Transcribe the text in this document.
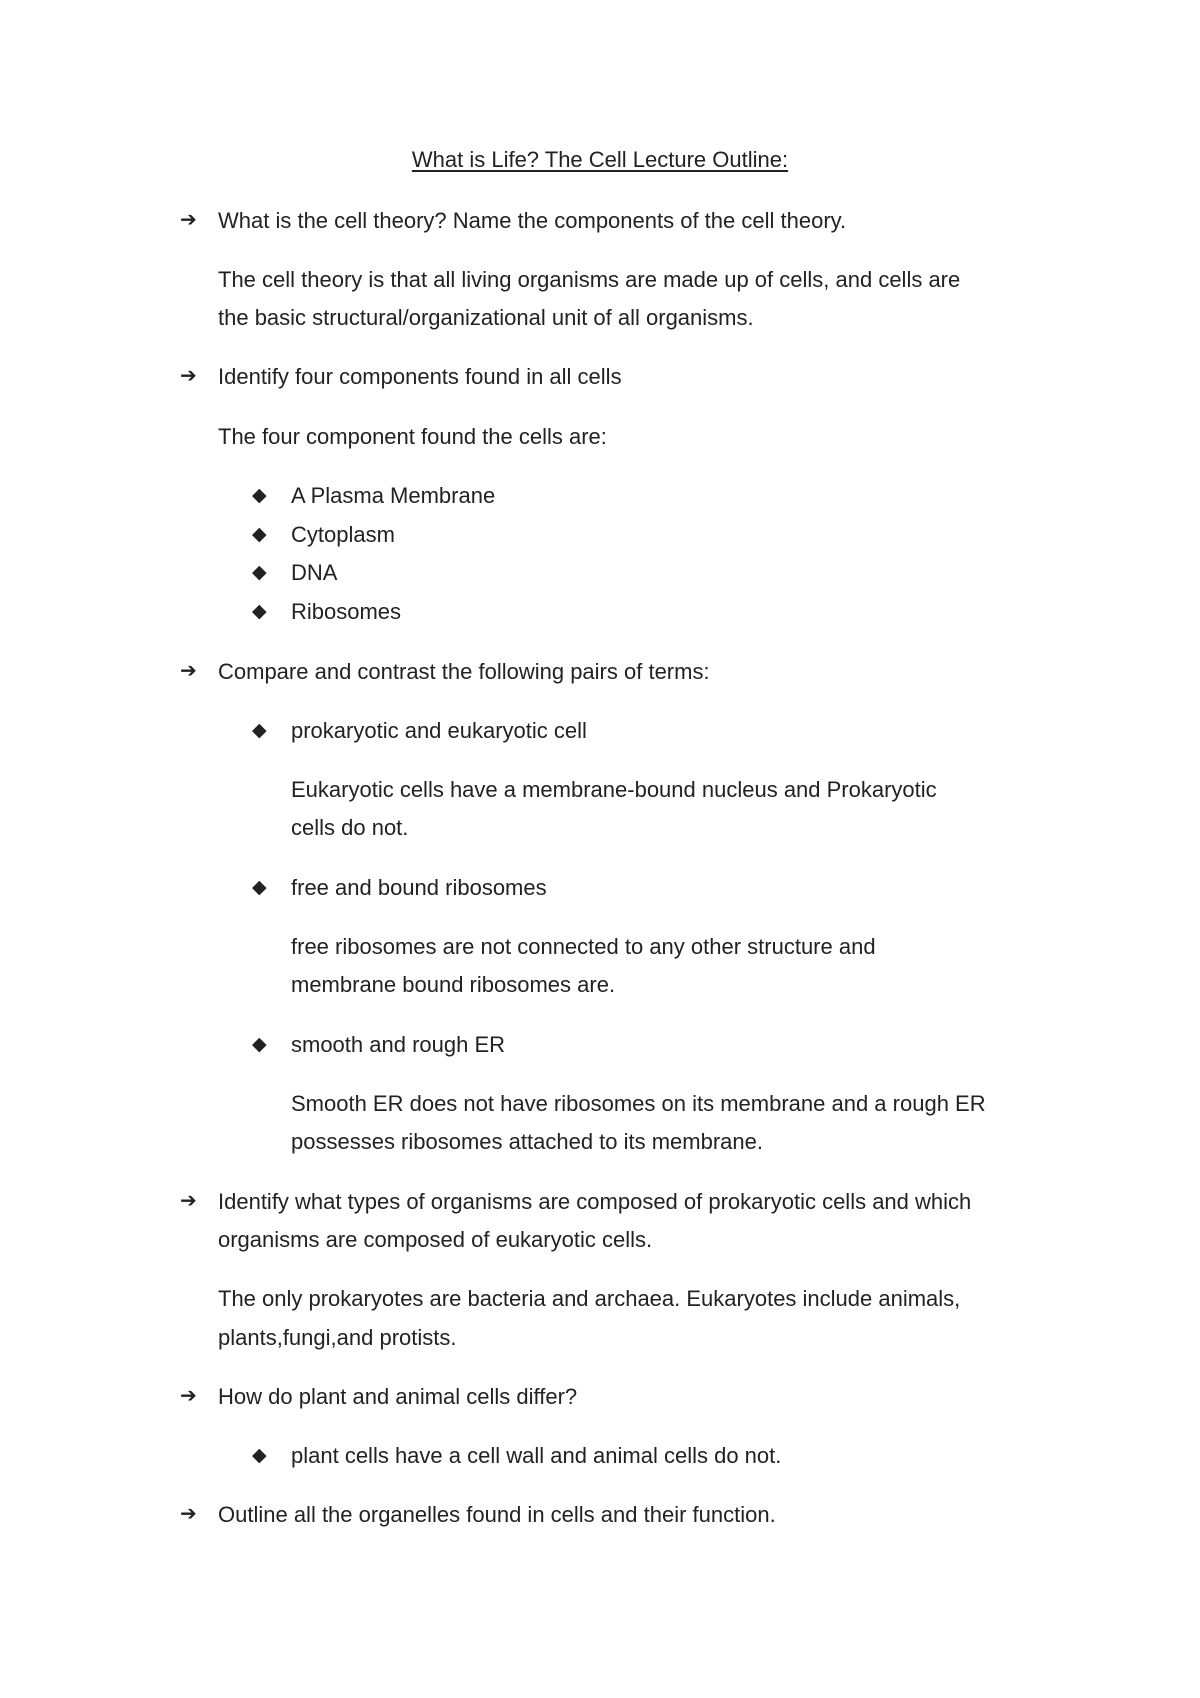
What is Life? The Cell Lecture Outline:
➔ What is the cell theory? Name the components of the cell theory.
The cell theory is that all living organisms are made up of cells, and cells are
the basic structural/organizational unit of all organisms.
➔ Identify four components found in all cells
The four component found the cells are:
◆ A Plasma Membrane
◆ Cytoplasm
◆ DNA
◆ Ribosomes
➔ Compare and contrast the following pairs of terms:
◆ prokaryotic and eukaryotic cell
Eukaryotic cells have a membrane-bound nucleus and Prokaryotic
cells do not.
◆ free and bound ribosomes
free ribosomes are not connected to any other structure and
membrane bound ribosomes are.
◆ smooth and rough ER
Smooth ER does not have ribosomes on its membrane and a rough ER
possesses ribosomes attached to its membrane.
➔ Identify what types of organisms are composed of prokaryotic cells and which
organisms are composed of eukaryotic cells.
The only prokaryotes are bacteria and archaea. Eukaryotes include animals,
plants,fungi,and protists.
➔ How do plant and animal cells differ?
◆ plant cells have a cell wall and animal cells do not.
➔ Outline all the organelles found in cells and their function.
